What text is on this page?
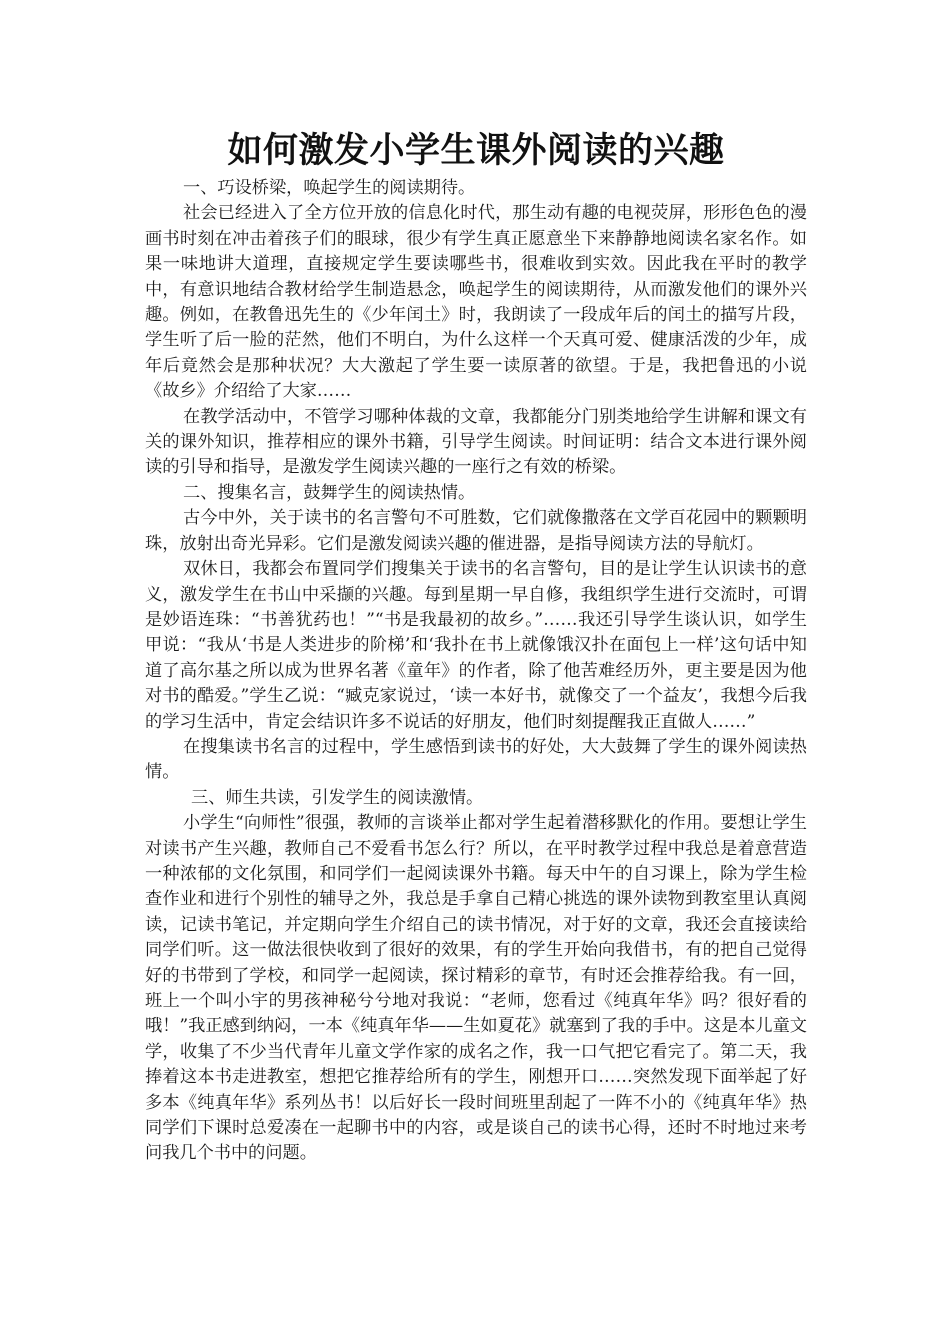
如何激发小学生课外阅读的兴趣

一、巧设桥梁，唤起学生的阅读期待。

社会已经进入了全方位开放的信息化时代，那生动有趣的电视荧屏，形形色色的漫画书时刻在冲击着孩子们的眼球，很少有学生真正愿意坐下来静静地阅读名家名作。如果一味地讲大道理，直接规定学生要读哪些书，很难收到实效。因此我在平时的教学中，有意识地结合教材给学生制造悬念，唤起学生的阅读期待，从而激发他们的课外兴趣。例如，在教鲁迅先生的《少年闰土》时，我朗读了一段成年后的闰土的描写片段，学生听了后一脸的茫然，他们不明白，为什么这样一个天真可爱、健康活泼的少年，成年后竟然会是那种状况？大大激起了学生要一读原著的欲望。于是，我把鲁迅的小说《故乡》介绍给了大家……

在教学活动中，不管学习哪种体裁的文章，我都能分门别类地给学生讲解和课文有关的课外知识，推荐相应的课外书籍，引导学生阅读。时间证明：结合文本进行课外阅读的引导和指导，是激发学生阅读兴趣的一座行之有效的桥梁。

二、搜集名言，鼓舞学生的阅读热情。

古今中外，关于读书的名言警句不可胜数，它们就像撒落在文学百花园中的颗颗明珠，放射出奇光异彩。它们是激发阅读兴趣的催进器，是指导阅读方法的导航灯。

双休日，我都会布置同学们搜集关于读书的名言警句，目的是让学生认识读书的意义，激发学生在书山中采撷的兴趣。每到星期一早自修，我组织学生进行交流时，可谓是妙语连珠：“书善犹药也！”“书是我最初的故乡。”……我还引导学生谈认识，如学生甲说：“我从‘书是人类进步的阶梯’和‘我扑在书上就像饿汉扑在面包上一样’这句话中知道了高尔基之所以成为世界名著《童年》的作者，除了他苦难经历外，更主要是因为他对书的酷爱。”学生乙说：“臧克家说过，‘读一本好书，就像交了一个益友’，我想今后我的学习生活中，肯定会结识许多不说话的好朋友，他们时刻提醒我正直做人……”

在搜集读书名言的过程中，学生感悟到读书的好处，大大鼓舞了学生的课外阅读热情。

三、师生共读，引发学生的阅读激情。

小学生“向师性”很强，教师的言谈举止都对学生起着潜移默化的作用。要想让学生对读书产生兴趣，教师自己不爱看书怎么行？所以，在平时教学过程中我总是着意营造一种浓郁的文化氛围，和同学们一起阅读课外书籍。每天中午的自习课上，除为学生检查作业和进行个别性的辅导之外，我总是手拿自己精心挑选的课外读物到教室里认真阅读，记读书笔记，并定期向学生介绍自己的读书情况，对于好的文章，我还会直接读给同学们听。这一做法很快收到了很好的效果，有的学生开始向我借书，有的把自己觉得好的书带到了学校，和同学一起阅读，探讨精彩的章节，有时还会推荐给我。有一回，班上一个叫小宇的男孩神秘兮兮地对我说：“老师，您看过《纯真年华》吗？很好看的哦！”我正感到纳闷，一本《纯真年华——生如夏花》就塞到了我的手中。这是本儿童文学，收集了不少当代青年儿童文学作家的成名之作，我一口气把它看完了。第二天，我捧着这本书走进教室，想把它推荐给所有的学生，刚想开口……突然发现下面举起了好多本《纯真年华》系列丛书！以后好长一段时间班里刮起了一阵不小的《纯真年华》热同学们下课时总爱凑在一起聊书中的内容，或是谈自己的读书心得，还时不时地过来考问我几个书中的问题。
